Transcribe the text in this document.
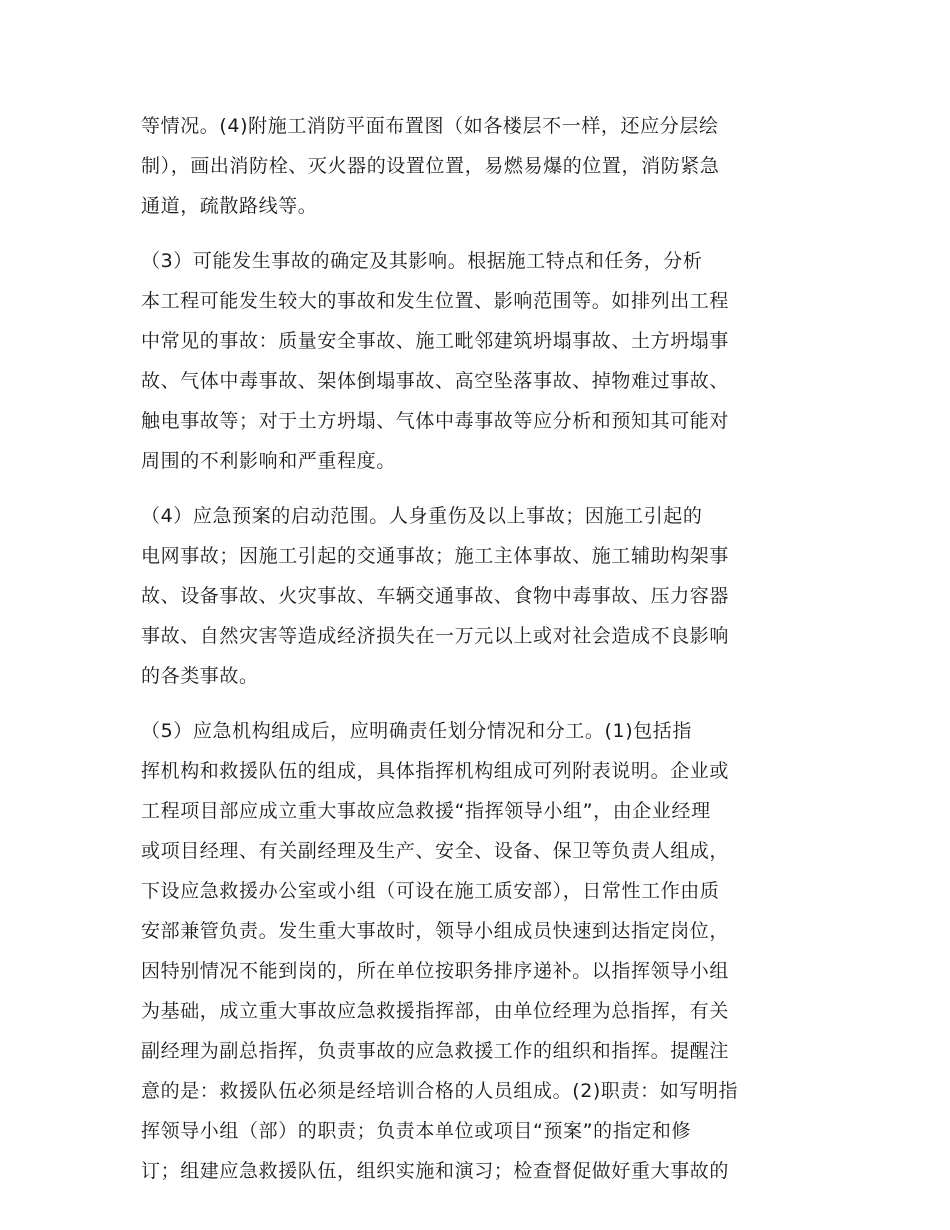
等情况。(4)附施工消防平面布置图（如各楼层不一样，还应分层绘
制），画出消防栓、灭火器的设置位置，易燃易爆的位置，消防紧急
通道，疏散路线等。
（3）可能发生事故的确定及其影响。根据施工特点和任务，分析
本工程可能发生较大的事故和发生位置、影响范围等。如排列出工程
中常见的事故：质量安全事故、施工毗邻建筑坍塌事故、土方坍塌事
故、气体中毒事故、架体倒塌事故、高空坠落事故、掉物难过事故、
触电事故等；对于土方坍塌、气体中毒事故等应分析和预知其可能对
周围的不利影响和严重程度。
（4）应急预案的启动范围。人身重伤及以上事故；因施工引起的
电网事故；因施工引起的交通事故；施工主体事故、施工辅助构架事
故、设备事故、火灾事故、车辆交通事故、食物中毒事故、压力容器
事故、自然灾害等造成经济损失在一万元以上或对社会造成不良影响
的各类事故。
（5）应急机构组成后，应明确责任划分情况和分工。(1)包括指
挥机构和救援队伍的组成，具体指挥机构组成可列附表说明。企业或
工程项目部应成立重大事故应急救援“指挥领导小组”，由企业经理
或项目经理、有关副经理及生产、安全、设备、保卫等负责人组成，
下设应急救援办公室或小组（可设在施工质安部），日常性工作由质
安部兼管负责。发生重大事故时，领导小组成员快速到达指定岗位，
因特别情况不能到岗的，所在单位按职务排序递补。以指挥领导小组
为基础，成立重大事故应急救援指挥部，由单位经理为总指挥，有关
副经理为副总指挥，负责事故的应急救援工作的组织和指挥。提醒注
意的是：救援队伍必须是经培训合格的人员组成。(2)职责：如写明指
挥领导小组（部）的职责；负责本单位或项目“预案”的指定和修
订；组建应急救援队伍，组织实施和演习；检查督促做好重大事故的
